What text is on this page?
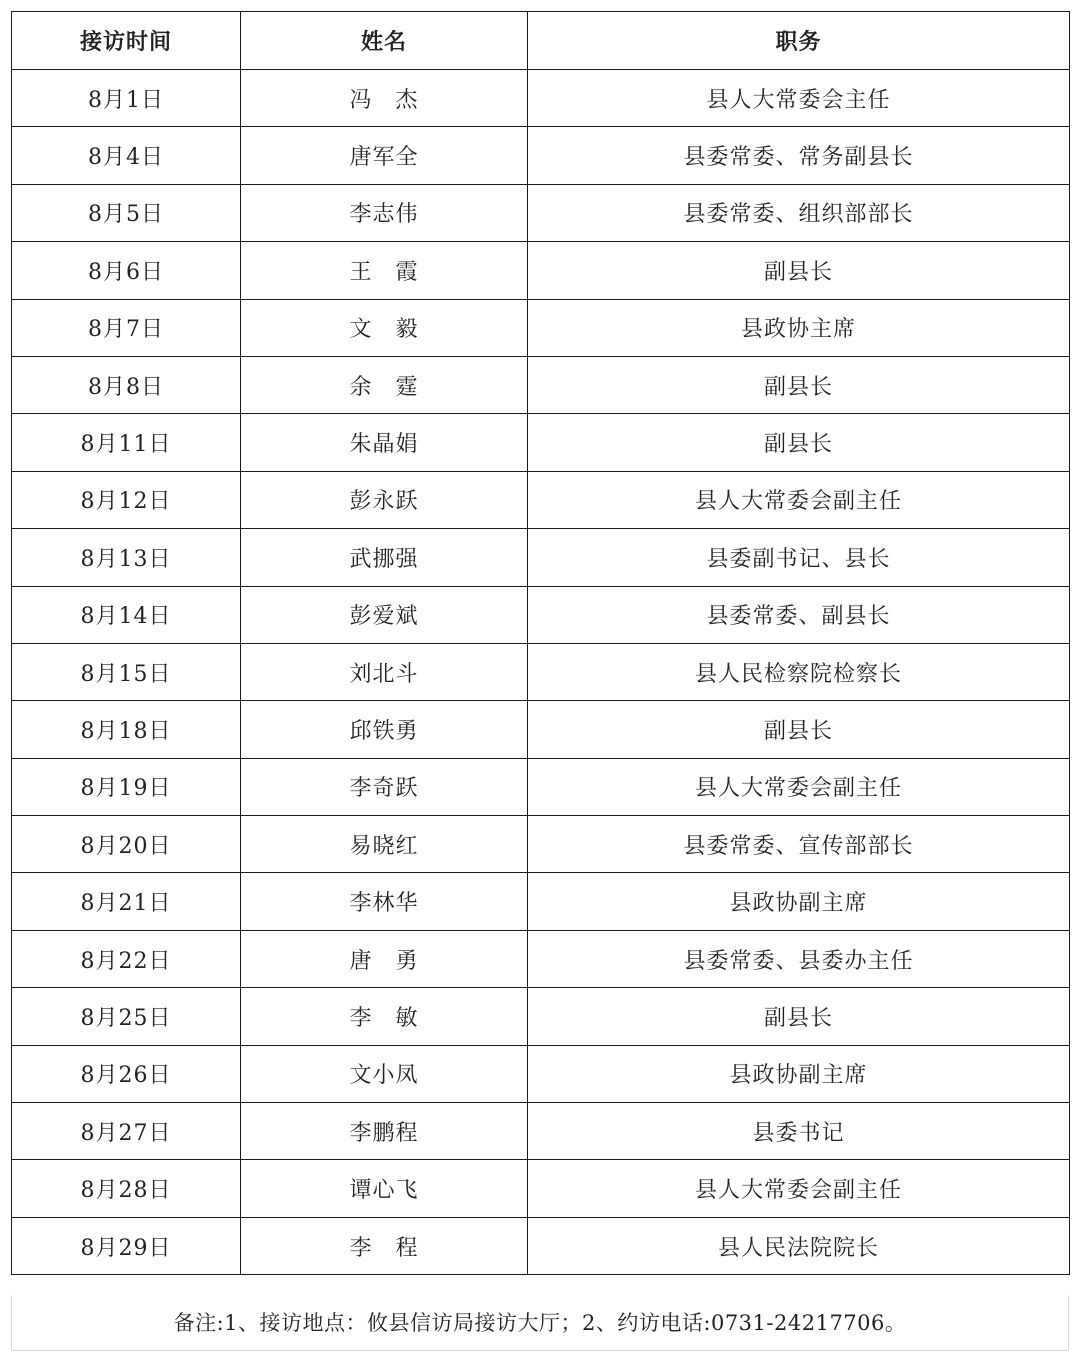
接访时间	姓名	职务
8月1日	冯　杰	县人大常委会主任
8月4日	唐军全	县委常委、常务副县长
8月5日	李志伟	县委常委、组织部部长
8月6日	王　霞	副县长
8月7日	文　毅	县政协主席
8月8日	余　霆	副县长
8月11日	朱晶娟	副县长
8月12日	彭永跃	县人大常委会副主任
8月13日	武挪强	县委副书记、县长
8月14日	彭爱斌	县委常委、副县长
8月15日	刘北斗	县人民检察院检察长
8月18日	邱铁勇	副县长
8月19日	李奇跃	县人大常委会副主任
8月20日	易晓红	县委常委、宣传部部长
8月21日	李林华	县政协副主席
8月22日	唐　勇	县委常委、县委办主任
8月25日	李　敏	副县长
8月26日	文小凤	县政协副主席
8月27日	李鹏程	县委书记
8月28日	谭心飞	县人大常委会副主任
8月29日	李　程	县人民法院院长
备注:1、接访地点：攸县信访局接访大厅；2、约访电话:0731-24217706。
